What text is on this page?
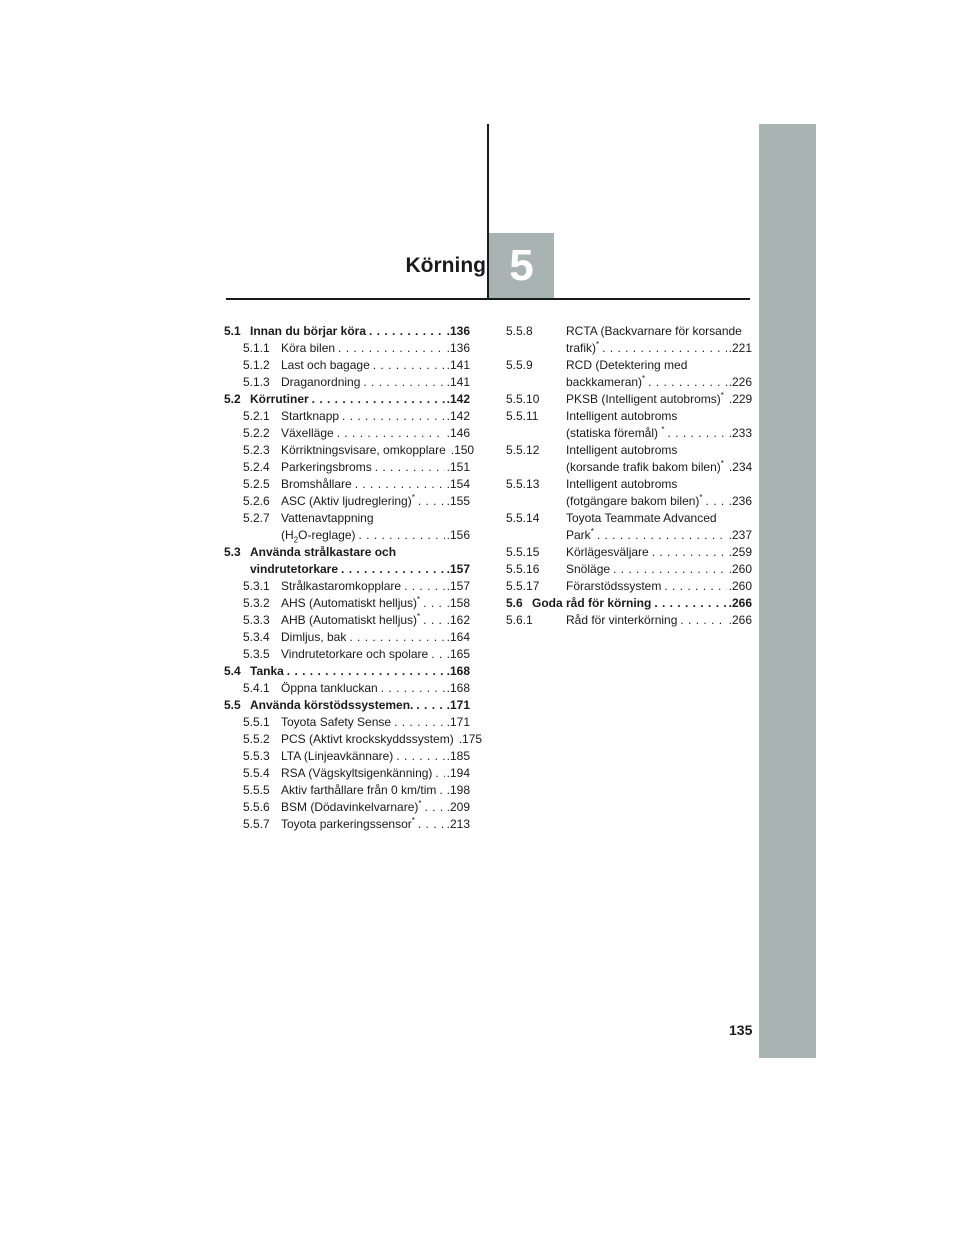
Körning 5
5.1 Innan du börjar köra . . .	.136
5.1.1 Köra bilen . . .	.136
5.1.2 Last och bagage . . .	.141
5.1.3 Draganordning . . .	.141
5.2 Körrutiner . . .	.142
5.2.1 Startknapp . . .	.142
5.2.2 Växelläge . . .	.146
5.2.3 Körriktningsvisare, omkopplare .150
5.2.4 Parkeringsbroms . . .	.151
5.2.5 Bromshållare . . .	.154
5.2.6 ASC (Aktiv ljudreglering)* . . .	.155
5.2.7 Vattenavtappning
$(H_2O-reglage)$ . . .	.156
5.3 Använda strålkastare och
vindrutetorkare . . .	.157
5.3.1 Strålkastaromkopplare . . .	.157
5.3.2 AHS (Automatiskt helljus)* . . . .158
5.3.3 AHB (Automatiskt helljus)* . . . .162
5.3.4 Dimljus, bak . . .	.164
5.3.5 Vindrutetorkare och spolare . . . .165
5.4 Tanka . . .	.168
5.4.1 Öppna tankluckan . . .	.168
5.5 Använda körstödssystemen. . . .	.171
5.5.1 Toyota Safety Sense . . .	.171
5.5.2 PCS (Aktivt krockskyddssystem) .175
5.5.3 LTA (Linjeavkännare) . . .	.185
5.5.4 RSA (Vägskyltsigenkänning) . . . .194
5.5.5 Aktiv farthållare från 0 km/tim . . . .198
5.5.6 BSM (Dödavinkelvarnare)* . . . .209
5.5.7 Toyota parkeringssensor* . . .	.213
5.5.8	RCTA (Backvarnare för korsande
trafik)* . . .	.221
5.5.9	RCD (Detektering med
backkameran)* . . .	.226
5.5.10	PKSB (Intelligent autobroms)* .229
5.5.11	Intelligent autobroms
(statiska föremål) * . . .	.233
5.5.12	Intelligent autobroms
(korsande trafik bakom bilen)* .234
5.5.13	Intelligent autobroms
(fotgängare bakom bilen)* . . . .236
5.5.14	Toyota Teammate Advanced
Park* . . .	.237
5.5.15	Körlägesväljare . . .	.259
5.5.16	Snöläge . . .	.260
5.5.17	Förarstödssystem . . .	.260
5.6 Goda råd för körning . . .	.266
5.6.1	Råd för vinterkörning . . .	.266
135
